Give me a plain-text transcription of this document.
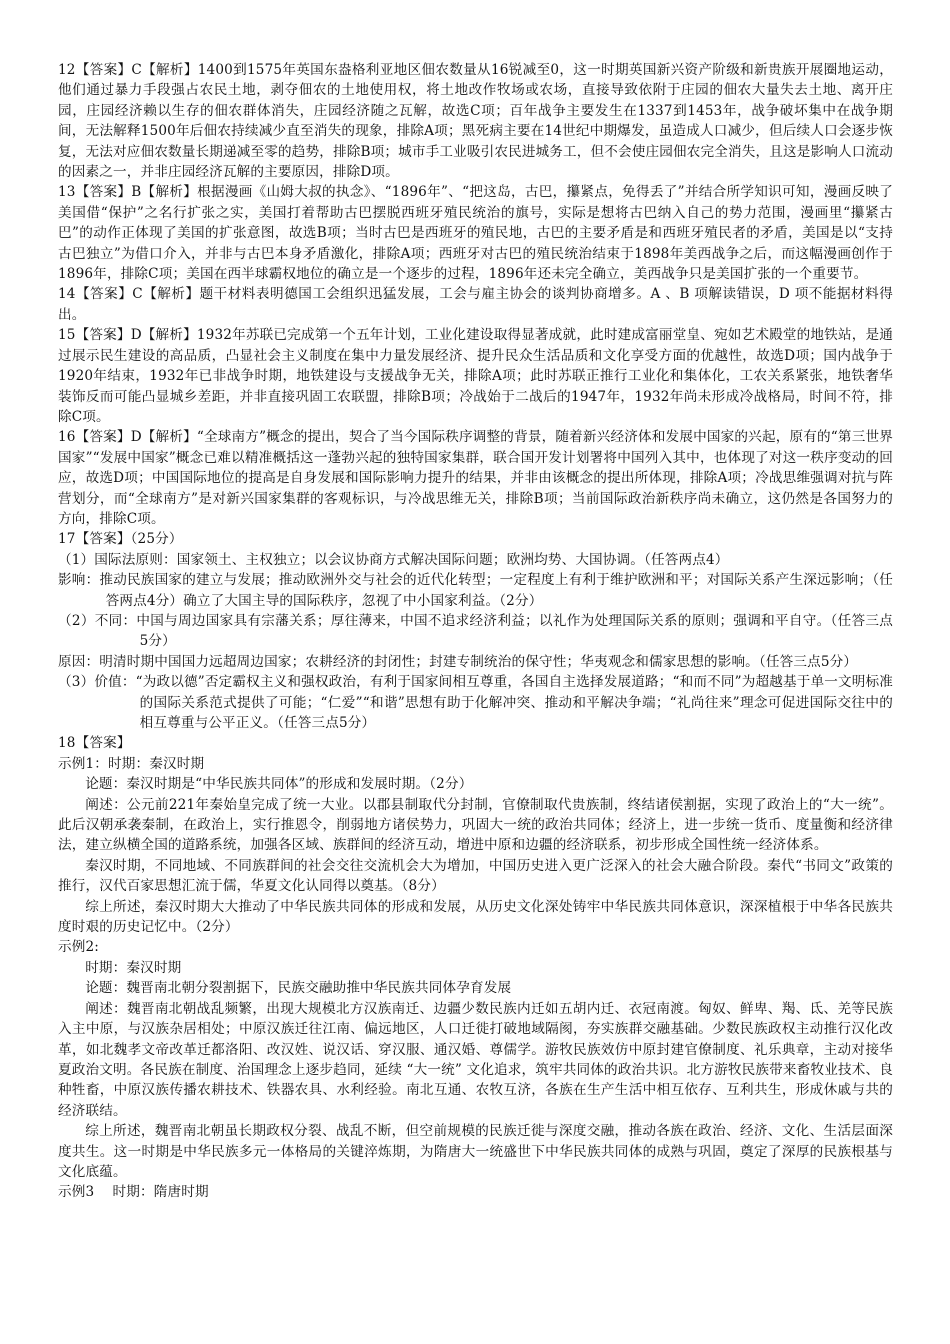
12【答案】C【解析】1400到1575年英国东盎格利亚地区佃农数量从16锐减至0，这一时期英国新兴资产阶级和新贵族开展圈地运动，他们通过暴力手段强占农民土地，剥夺佃农的土地使用权，将土地改作牧场或农场，直接导致依附于庄园的佃农大量失去土地、离开庄园，庄园经济赖以生存的佃农群体消失，庄园经济随之瓦解，故选C项；百年战争主要发生在1337到1453年，战争破坏集中在战争期间，无法解释1500年后佃农持续减少直至消失的现象，排除A项；黑死病主要在14世纪中期爆发，虽造成人口减少，但后续人口会逐步恢复，无法对应佃农数量长期递减至零的趋势，排除B项；城市手工业吸引农民进城务工，但不会使庄园佃农完全消失，且这是影响人口流动的因素之一，并非庄园经济瓦解的主要原因，排除D项。

13【答案】B【解析】根据漫画《山姆大叔的执念》、“1896年”、“把这岛，古巴，攥紧点，免得丢了”并结合所学知识可知，漫画反映了美国借“保护”之名行扩张之实，美国打着帮助古巴摆脱西班牙殖民统治的旗号，实际是想将古巴纳入自己的势力范围，漫画里“攥紧古巴”的动作正体现了美国的扩张意图，故选B项；当时古巴是西班牙的殖民地，古巴的主要矛盾是和西班牙殖民者的矛盾，美国是以“支持古巴独立”为借口介入，并非与古巴本身矛盾激化，排除A项；西班牙对古巴的殖民统治结束于1898年美西战争之后，而这幅漫画创作于1896年，排除C项；美国在西半球霸权地位的确立是一个逐步的过程，1896年还未完全确立，美西战争只是美国扩张的一个重要节。

14【答案】C【解析】题干材料表明德国工会组织迅猛发展，工会与雇主协会的谈判协商增多。A 、B 项解读错误，D 项不能据材料得出。

15【答案】D【解析】1932年苏联已完成第一个五年计划，工业化建设取得显著成就，此时建成富丽堂皇、宛如艺术殿堂的地铁站，是通过展示民生建设的高品质，凸显社会主义制度在集中力量发展经济、提升民众生活品质和文化享受方面的优越性，故选D项；国内战争于1920年结束，1932年已非战争时期，地铁建设与支援战争无关，排除A项；此时苏联正推行工业化和集体化，工农关系紧张，地铁奢华装饰反而可能凸显城乡差距，并非直接巩固工农联盟，排除B项；冷战始于二战后的1947年，1932年尚未形成冷战格局，时间不符，排除C项。

16【答案】D【解析】“全球南方”概念的提出，契合了当今国际秩序调整的背景，随着新兴经济体和发展中国家的兴起，原有的“第三世界国家”“发展中国家”概念已难以精准概括这一蓬勃兴起的独特国家集群，联合国开发计划署将中国列入其中，也体现了对这一秩序变动的回应，故选D项；中国国际地位的提高是自身发展和国际影响力提升的结果，并非由该概念的提出所体现，排除A项；冷战思维强调对抗与阵营划分，而“全球南方”是对新兴国家集群的客观标识，与冷战思维无关，排除B项；当前国际政治新秩序尚未确立，这仍然是各国努力的方向，排除C项。

17【答案】（25分）

（1）国际法原则：国家领土、主权独立；以会议协商方式解决国际问题；欧洲均势、大国协调。（任答两点4）

影响：推动民族国家的建立与发展；推动欧洲外交与社会的近代化转型；一定程度上有利于维护欧洲和平；对国际关系产生深远影响；（任答两点4分）确立了大国主导的国际秩序，忽视了中小国家利益。（2分）

（2）不同：中国与周边国家具有宗藩关系；厚往薄来，中国不追求经济利益；以礼作为处理国际关系的原则；强调和平自守。（任答三点5分）

原因：明清时期中国国力远超周边国家；农耕经济的封闭性；封建专制统治的保守性；华夷观念和儒家思想的影响。（任答三点5分）

（3）价值：“为政以德”否定霸权主义和强权政治，有利于国家间相互尊重，各国自主选择发展道路；“和而不同”为超越基于单一文明标准的国际关系范式提供了可能；“仁爱”“和谐”思想有助于化解冲突、推动和平解决争端；“礼尚往来”理念可促进国际交往中的相互尊重与公平正义。（任答三点5分）

18【答案】

示例1：时期：秦汉时期

论题：秦汉时期是“中华民族共同体”的形成和发展时期。（2分）

阐述：公元前221年秦始皇完成了统一大业。以郡县制取代分封制，官僚制取代贵族制，终结诸侯割据，实现了政治上的“大一统”。此后汉朝承袭秦制，在政治上，实行推恩令，削弱地方诸侯势力，巩固大一统的政治共同体；经济上，进一步统一货币、度量衡和经济律法，建立纵横全国的道路系统，加强各区域、族群间的经济互动，增进中原和边疆的经济联系，初步形成全国性统一经济体系。

秦汉时期，不同地域、不同族群间的社会交往交流机会大为增加，中国历史进入更广泛深入的社会大融合阶段。秦代“书同文”政策的推行，汉代百家思想汇流于儒，华夏文化认同得以奠基。（8分）

综上所述，秦汉时期大大推动了中华民族共同体的形成和发展，从历史文化深处铸牢中华民族共同体意识，深深植根于中华各民族共度时艰的历史记忆中。（2分）

示例2:

时期：秦汉时期

论题：魏晋南北朝分裂割据下，民族交融助推中华民族共同体孕育发展

阐述：魏晋南北朝战乱频繁，出现大规模北方汉族南迁、边疆少数民族内迁如五胡内迁、衣冠南渡。匈奴、鲜卑、羯、氐、羌等民族入主中原，与汉族杂居相处；中原汉族迁往江南、偏远地区，人口迁徙打破地域隔阂，夯实族群交融基础。少数民族政权主动推行汉化改革，如北魏孝文帝改革迁都洛阳、改汉姓、说汉话、穿汉服、通汉婚、尊儒学。游牧民族效仿中原封建官僚制度、礼乐典章，主动对接华夏政治文明。各民族在制度、治国理念上逐步趋同，延续 “大一统” 文化追求，筑牢共同体的政治共识。北方游牧民族带来畜牧业技术、良种牲畜，中原汉族传播农耕技术、铁器农具、水利经验。南北互通、农牧互济，各族在生产生活中相互依存、互利共生，形成休戚与共的经济联结。

综上所述，魏晋南北朝虽长期政权分裂、战乱不断，但空前规模的民族迁徙与深度交融，推动各族在政治、经济、文化、生活层面深度共生。这一时期是中华民族多元一体格局的关键淬炼期，为隋唐大一统盛世下中华民族共同体的成熟与巩固，奠定了深厚的民族根基与文化底蕴。

示例3　 时期：隋唐时期
